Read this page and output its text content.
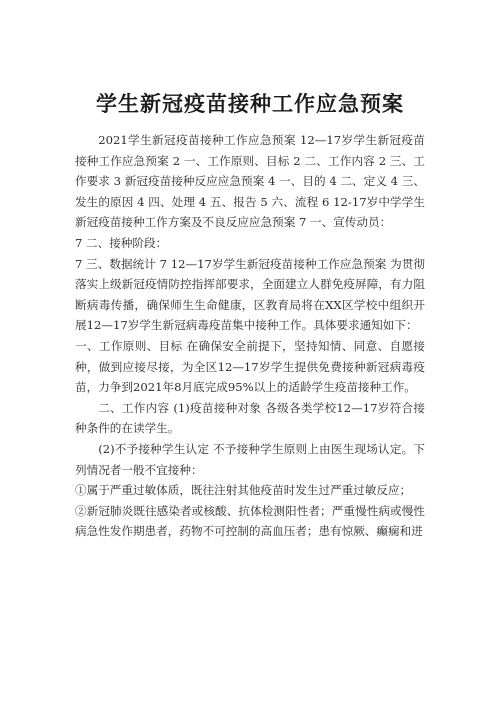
学生新冠疫苗接种工作应急预案

2021学生新冠疫苗接种工作应急预案 12—17岁学生新冠疫苗接种工作应急预案 2 一、工作原则、目标 2 二、工作内容 2 三、工作要求 3 新冠疫苗接种反应应急预案 4 一、目的 4 二、定义 4 三、发生的原因 4 四、处理 4 五、报告 5 六、流程 6 12-17岁中学学生新冠疫苗接种工作方案及不良反应应急预案 7 一、宣传动员：

7 二、接种阶段：

7 三、数据统计 7 12—17岁学生新冠疫苗接种工作应急预案 为贯彻落实上级新冠疫情防控指挥部要求，全面建立人群免疫屏障，有力阻断病毒传播，确保师生生命健康，区教育局将在XX区学校中组织开展12—17岁学生新冠病毒疫苗集中接种工作。具体要求通知如下：

一、工作原则、目标 在确保安全前提下，坚持知情、同意、自愿接种，做到应接尽接，为全区12—17岁学生提供免费接种新冠病毒疫苗，力争到2021年8月底完成95%以上的适龄学生疫苗接种工作。

二、工作内容 (1)疫苗接种对象 各级各类学校12—17岁符合接种条件的在读学生。

(2)不予接种学生认定 不予接种学生原则上由医生现场认定。下列情况者一般不宜接种：

①属于严重过敏体质，既往注射其他疫苗时发生过严重过敏反应；

②新冠肺炎既往感染者或核酸、抗体检测阳性者；严重慢性病或慢性病急性发作期患者，药物不可控制的高血压者；患有惊厥、癫痫和进
